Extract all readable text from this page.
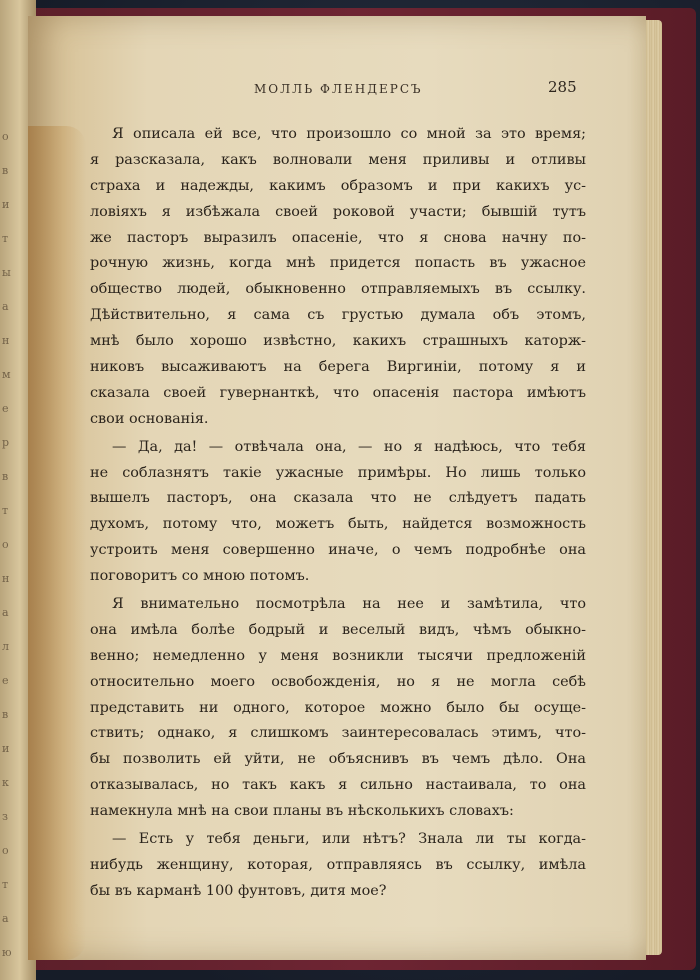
о
в
и
т
ы
а
н
м
е
р
в
т
о
н
а
л
е
в
и
к
з
о
т
а
ю
МОЛЛЬ ФЛЕНДЕРСЪ	285
Я описала ей все, что произошло со мной за это время;
я разсказала, какъ волновали меня приливы и отливы
страха и надежды, какимъ образомъ и при какихъ ус-
ловіяхъ я избѣжала своей роковой участи; бывшій тутъ
же пасторъ выразилъ опасеніе, что я снова начну по-
рочную жизнь, когда мнѣ придется попасть въ ужасное
общество людей, обыкновенно отправляемыхъ въ ссылку.
Дѣйствительно, я сама съ грустью думала объ этомъ,
мнѣ было хорошо извѣстно, какихъ страшныхъ каторж-
никовъ высаживаютъ на берега Виргиніи, потому я и
сказала своей гувернанткѣ, что опасенія пастора имѣютъ
свои основанія.
— Да, да! — отвѣчала она, — но я надѣюсь, что тебя
не соблазнятъ такіе ужасные примѣры. Но лишь только
вышелъ пасторъ, она сказала что не слѣдуетъ падать
духомъ, потому что, можетъ быть, найдется возможность
устроить меня совершенно иначе, о чемъ подробнѣе она
поговоритъ со мною потомъ.
Я внимательно посмотрѣла на нее и замѣтила, что
она имѣла болѣе бодрый и веселый видъ, чѣмъ обыкно-
венно; немедленно у меня возникли тысячи предложеній
относительно моего освобожденія, но я не могла себѣ
представить ни одного, которое можно было бы осуще-
ствить; однако, я слишкомъ заинтересовалась этимъ, что-
бы позволить ей уйти, не объяснивъ въ чемъ дѣло. Она
отказывалась, но такъ какъ я сильно настаивала, то она
намекнула мнѣ на свои планы въ нѣсколькихъ словахъ:
— Есть у тебя деньги, или нѣтъ? Знала ли ты когда-
нибудь женщину, которая, отправляясь въ ссылку, имѣла
бы въ карманѣ 100 фунтовъ, дитя мое?
